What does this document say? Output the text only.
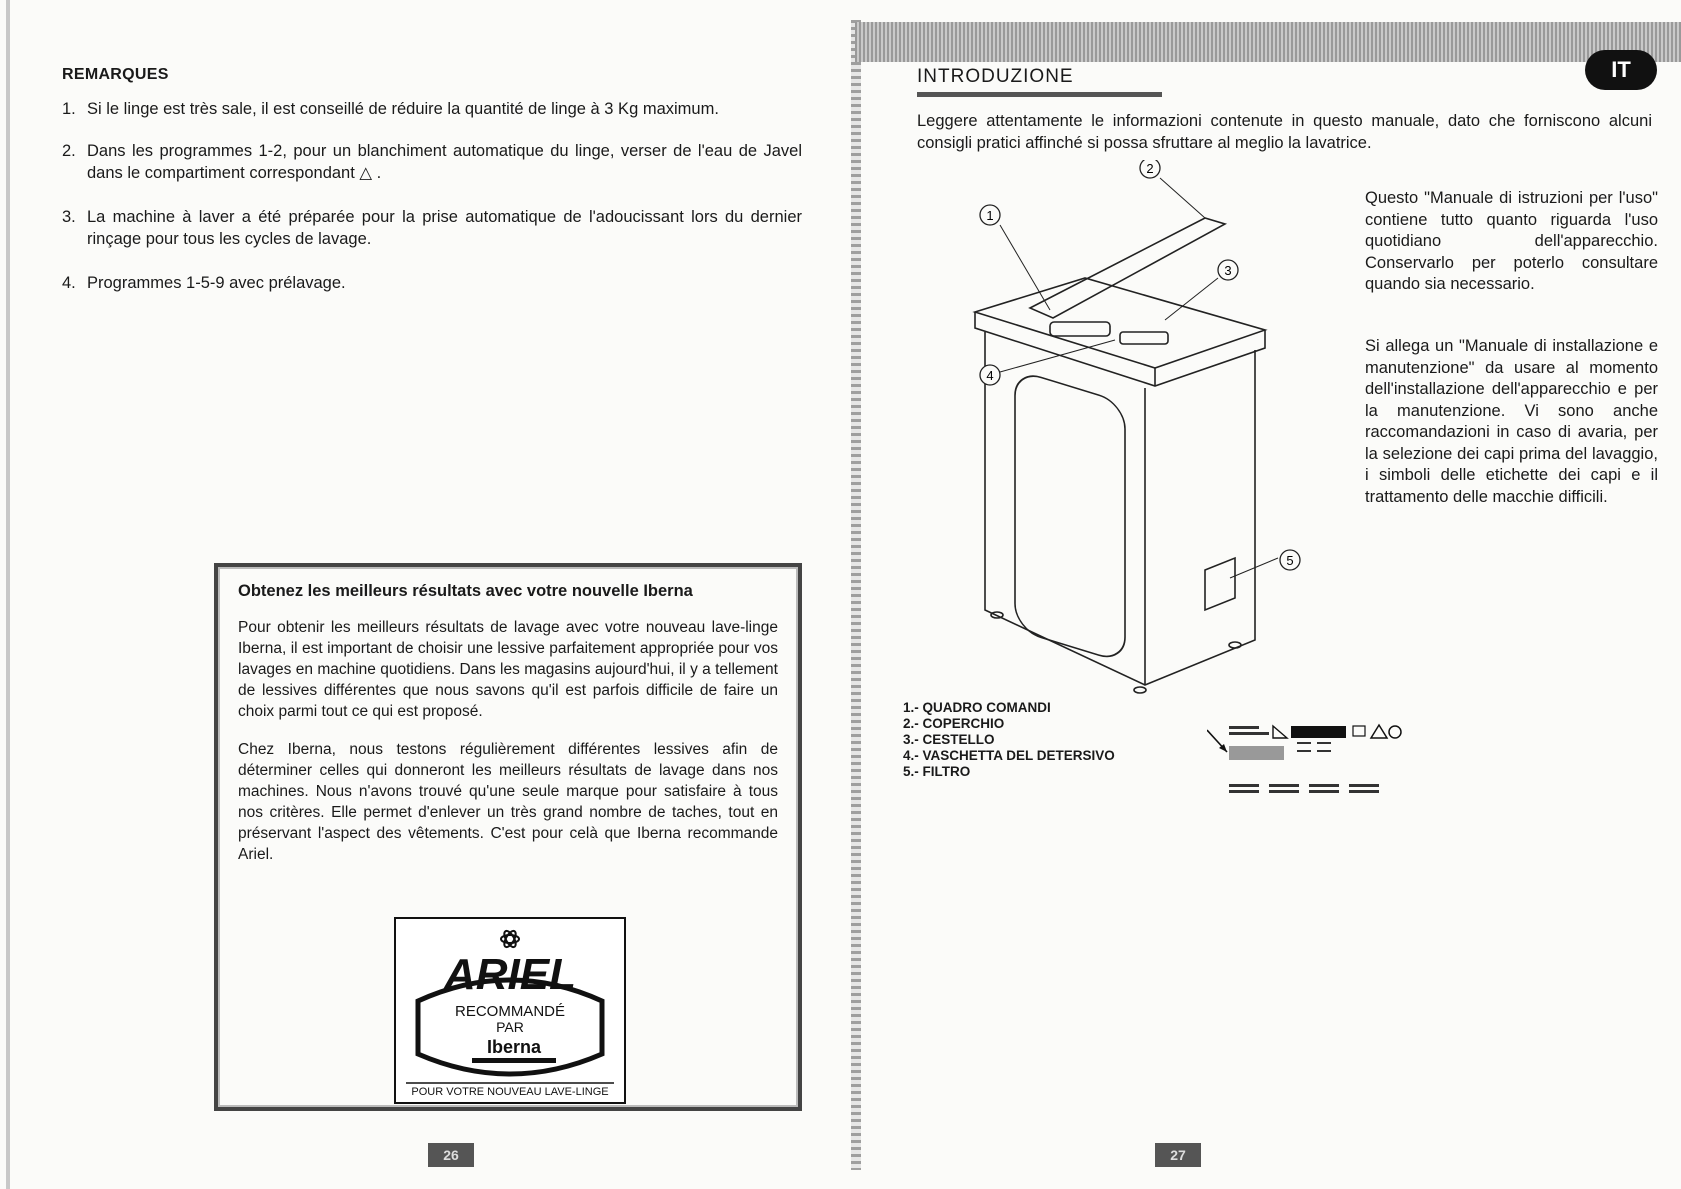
REMARQUES
1. Si le linge est très sale, il est conseillé de réduire la quantité de linge à 3 Kg maximum.
2. Dans les programmes 1-2, pour un blanchiment automatique du linge, verser de l'eau de Javel dans le compartiment correspondant △ .
3. La machine à laver a été préparée pour la prise automatique de l'adoucissant lors du dernier rinçage pour tous les cycles de lavage.
4. Programmes 1-5-9 avec prélavage.
Obtenez les meilleurs résultats avec votre nouvelle Iberna
Pour obtenir les meilleurs résultats de lavage avec votre nouveau lave-linge Iberna, il est important de choisir une lessive parfaitement appropriée pour vos lavages en machine quotidiens. Dans les magasins aujourd'hui, il y a tellement de lessives différentes que nous savons qu'il est parfois difficile de faire un choix parmi tout ce qui est proposé.
Chez Iberna, nous testons régulièrement différentes lessives afin de déterminer celles qui donneront les meilleurs résultats de lavage dans nos machines. Nous n'avons trouvé qu'une seule marque pour satisfaire à tous nos critères. Elle permet d'enlever un très grand nombre de taches, tout en préservant l'aspect des vêtements. C'est pour celà que Iberna recommande Ariel.
ARIEL
RECOMMANDÉ
PAR
Iberna
POUR VOTRE NOUVEAU LAVE-LINGE
26
IT
INTRODUZIONE
Leggere attentamente le informazioni contenute in questo manuale, dato che forniscono alcuni consigli pratici affinché si possa sfruttare al meglio la lavatrice.
Questo "Manuale di istruzioni per l'uso" contiene tutto quanto riguarda l'uso quotidiano dell'apparecchio. Conservarlo per poterlo consultare quando sia necessario.
Si allega un "Manuale di installazione e manutenzione" da usare al momento dell'installazione dell'apparecchio e per la manutenzione. Vi sono anche raccomandazioni in caso di avaria, per la selezione dei capi prima del lavaggio, i simboli delle etichette dei capi e il trattamento delle macchie difficili.
1
2
3
4
5
1.- QUADRO COMANDI
2.- COPERCHIO
3.- CESTELLO
4.- VASCHETTA DEL DETERSIVO
5.- FILTRO
27
